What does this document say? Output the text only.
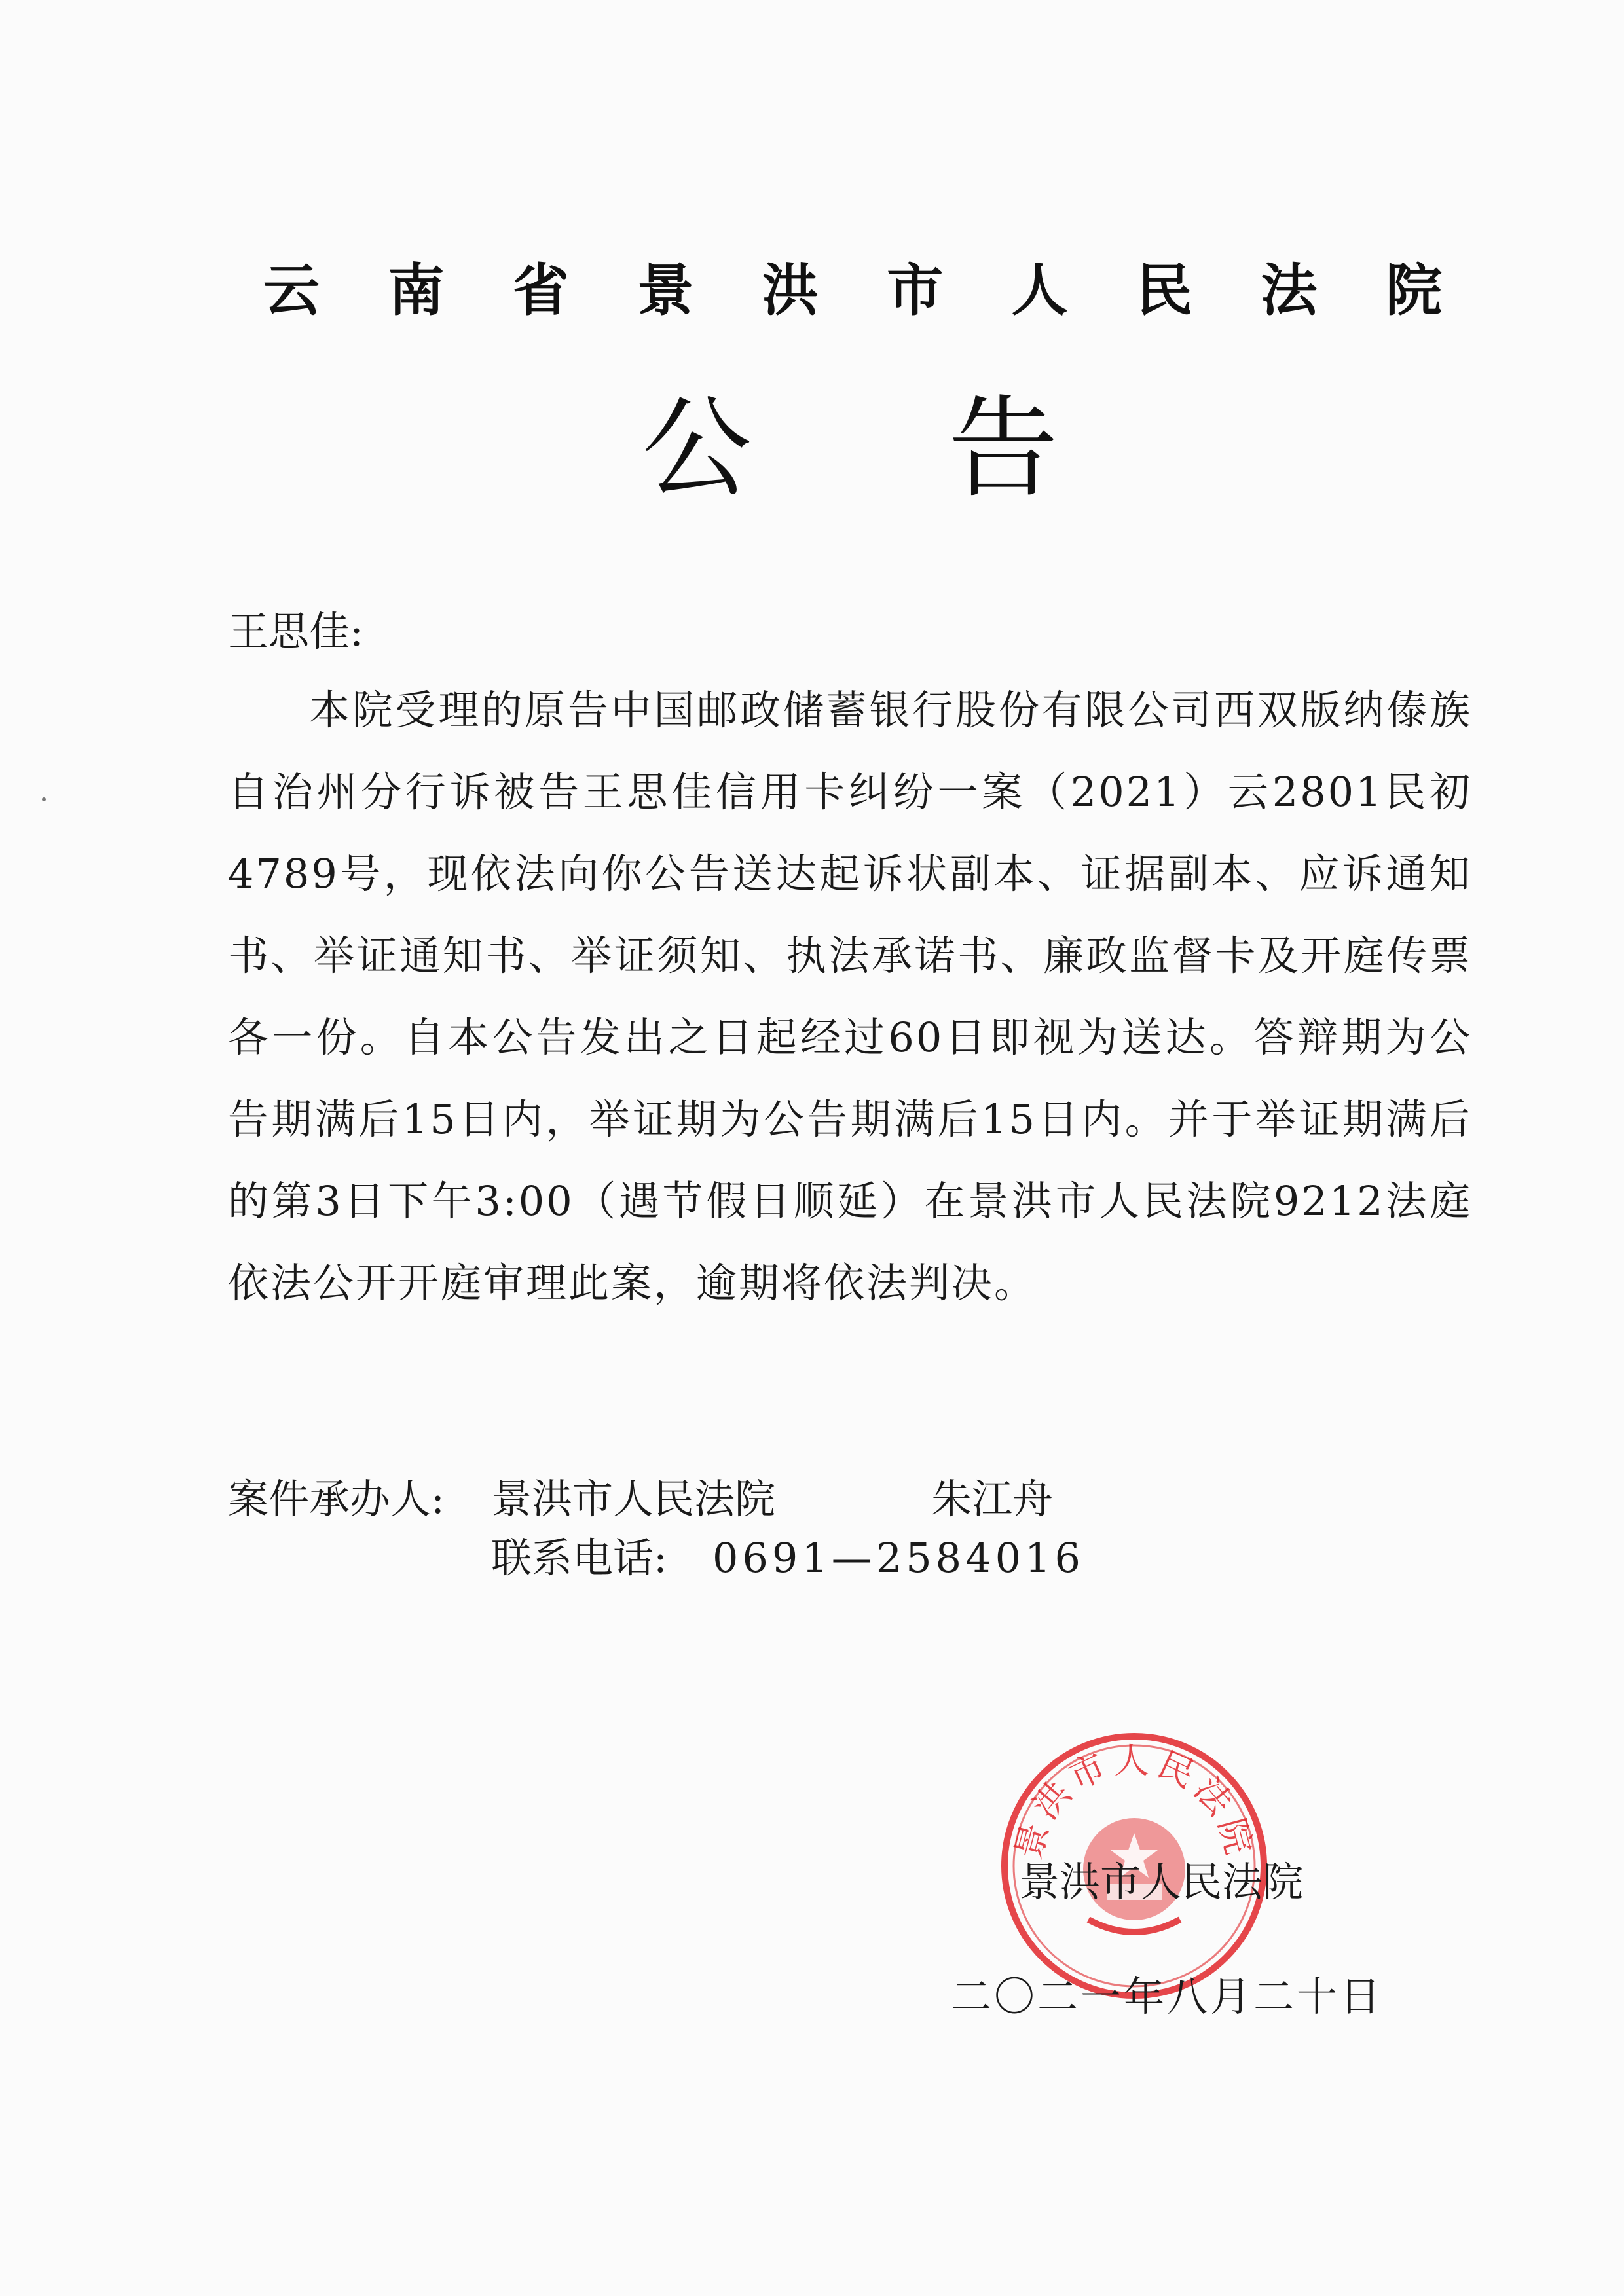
云 南 省 景 洪 市 人 民 法 院
公 告
王思佳:
本院受理的原告中国邮政储蓄银行股份有限公司西双版纳傣族自治州分行诉被告王思佳信用卡纠纷一案（2021）云2801民初4789号，现依法向你公告送达起诉状副本、证据副本、应诉通知书、举证通知书、举证须知、执法承诺书、廉政监督卡及开庭传票各一份。自本公告发出之日起经过60日即视为送达。答辩期为公告期满后15日内，举证期为公告期满后15日内。并于举证期满后的第3日下午3:00（遇节假日顺延）在景洪市人民法院9212法庭依法公开开庭审理此案，逾期将依法判决。
案件承办人: 景洪市人民法院	朱江舟
联系电话: 0691—2584016
景洪市人民法院
景洪市人民法院
二〇二一年八月二十日
